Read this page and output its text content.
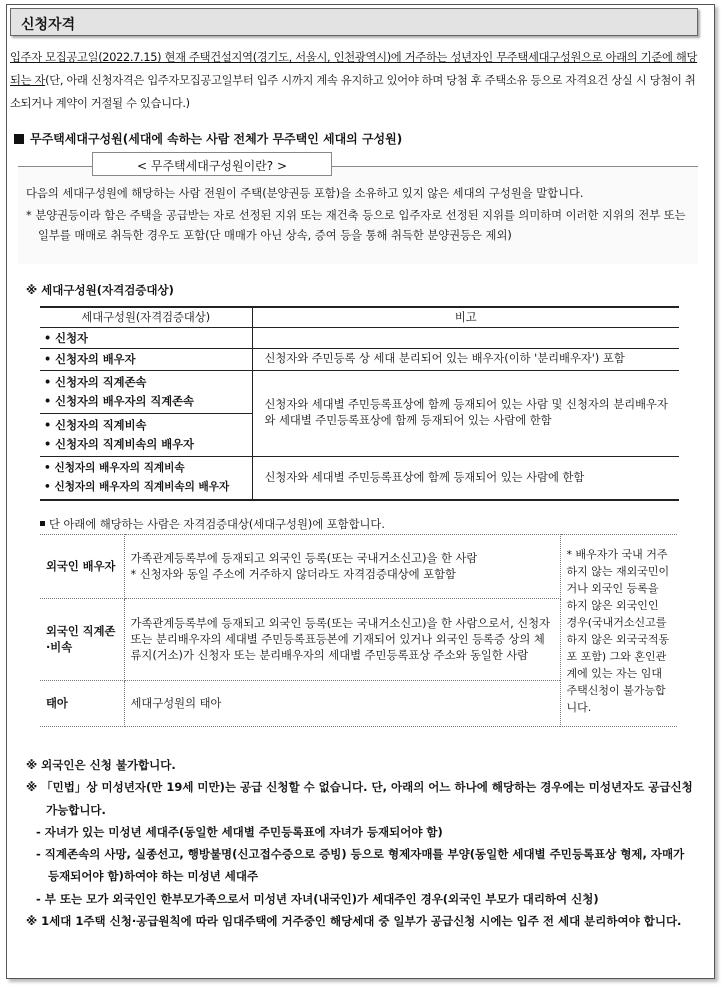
신청자격
입주자 모집공고일(2022.7.15) 현재 주택건설지역(경기도, 서울시, 인천광역시)에 거주하는 성년자인 무주택세대구성원으로 아래의 기준에 해당되는 자(단, 아래 신청자격은 입주자모집공고일부터 입주 시까지 계속 유지하고 있어야 하며 당첨 후 주택소유 등으로 자격요건 상실 시 당첨이 취소되거나 계약이 거절될 수 있습니다.)
무주택세대구성원(세대에 속하는 사람 전체가 무주택인 세대의 구성원)
< 무주택세대구성원이란? >
다음의 세대구성원에 해당하는 사람 전원이 주택(분양권등 포함)을 소유하고 있지 않은 세대의 구성원을 말합니다.
* 분양권등이라 함은 주택을 공급받는 자로 선정된 지위 또는 재건축 등으로 입주자로 선정된 지위를 의미하며 이러한 지위의 전부 또는 일부를 매매로 취득한 경우도 포함(단 매매가 아닌 상속, 증여 등을 통해 취득한 분양권등은 제외)
※ 세대구성원(자격검증대상)
세대구성원(자격검증대상)	비고
• 신청자	
• 신청자의 배우자	신청자와 주민등록 상 세대 분리되어 있는 배우자(이하 '분리배우자') 포함

• 신청자의 직계존속
• 신청자의 배우자의 직계존속	신청자와 세대별 주민등록표상에 함께 등재되어 있는 사람 및 신청자의 분리배우자와 세대별 주민등록표상에 함께 등재되어 있는 사람에 한함

• 신청자의 직계비속
• 신청자의 직계비속의 배우자	

• 신청자의 배우자의 직계비속
• 신청자의 배우자의 직계비속의 배우자	신청자와 세대별 주민등록표상에 함께 등재되어 있는 사람에 한함
단 아래에 해당하는 사람은 자격검증대상(세대구성원)에 포함합니다.
외국인 배우자	가족관계등록부에 등재되고 외국인 등록(또는 국내거소신고)을 한 사람
* 신청자와 동일 주소에 거주하지 않더라도 자격검증대상에 포함함	* 배우자가 국내 거주하지 않는 재외국민이거나 외국인 등록을 하지 않은 외국인인 경우(국내거소신고를 하지 않은 외국국적동포 포함) 그와 혼인관계에 있는 자는 임대주택신청이 불가능합니다.
외국인 직계존·비속	가족관계등록부에 등재되고 외국인 등록(또는 국내거소신고)을 한 사람으로서, 신청자 또는 분리배우자의 세대별 주민등록표등본에 기재되어 있거나 외국인 등록증 상의 체류지(거소)가 신청자 또는 분리배우자의 세대별 주민등록표상 주소와 동일한 사람	
태아	세대구성원의 태아	
※ 외국인은 신청 불가합니다.
※ 「민법」상 미성년자(만 19세 미만)는 공급 신청할 수 없습니다. 단, 아래의 어느 하나에 해당하는 경우에는 미성년자도 공급신청 가능합니다.
- 자녀가 있는 미성년 세대주(동일한 세대별 주민등록표에 자녀가 등재되어야 함)
- 직계존속의 사망, 실종선고, 행방불명(신고접수증으로 증빙) 등으로 형제자매를 부양(동일한 세대별 주민등록표상 형제, 자매가 등재되어야 함)하여야 하는 미성년 세대주
- 부 또는 모가 외국인인 한부모가족으로서 미성년 자녀(내국인)가 세대주인 경우(외국인 부모가 대리하여 신청)
※ 1세대 1주택 신청·공급원칙에 따라 임대주택에 거주중인 해당세대 중 일부가 공급신청 시에는 입주 전 세대 분리하여야 합니다.
